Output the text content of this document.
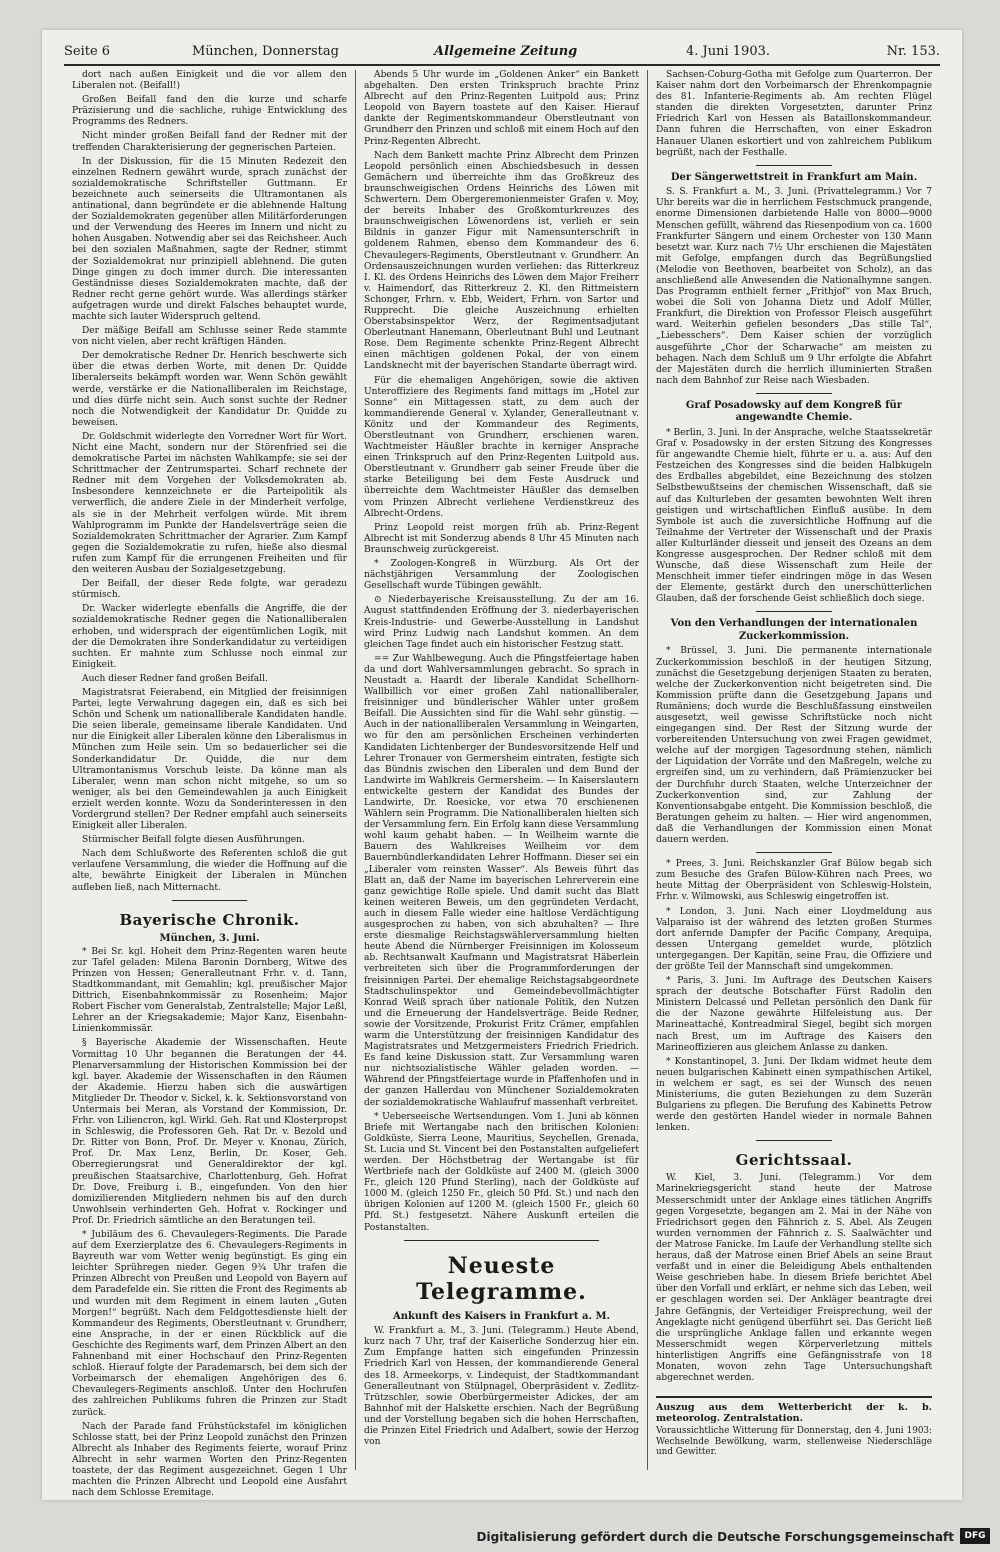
Seite 6	München, Donnerstag	Allgemeine Zeitung	4. Juni 1903.	Nr. 153.

dort nach außen Einigkeit und die vor allem den Liberalen not. (Beifall!)

Großen Beifall fand den die kurze und scharfe Präzisierung und die sachliche, ruhige Entwicklung des Programms des Redners.

Nicht minder großen Beifall fand der Redner mit der treffenden Charakterisierung der gegnerischen Parteien.

In der Diskussion, für die 15 Minuten Redezeit den einzelnen Rednern gewährt wurde, sprach zunächst der sozialdemokratische Schriftsteller Guttmann. Er bezeichnete auch seinerseits die Ultramontanen als antinational, dann begründete er die ablehnende Haltung der Sozialdemokraten gegenüber allen Militärforderungen und der Verwendung des Heeres im Innern und nicht zu hohen Ausgaben. Notwendig aber sei das Reichsheer. Auch bei den sozialen Maßnahmen, sagte der Redner, stimmt der Sozialdemokrat nur prinzipiell ablehnend. Die guten Dinge gingen zu doch immer durch. Die interessanten Geständnisse dieses Sozialdemokraten machte, daß der Redner recht gerne gehört wurde. Was allerdings stärker aufgetragen wurde und direkt Falsches behauptet wurde, machte sich lauter Widerspruch geltend.

Der mäßige Beifall am Schlusse seiner Rede stammte von nicht vielen, aber recht kräftigen Händen.

Der demokratische Redner Dr. Henrich beschwerte sich über die etwas derben Worte, mit denen Dr. Quidde liberalerseits bekämpft worden war. Wenn Schön gewählt werde, verstärke er die Nationalliberalen im Reichstage, und dies dürfe nicht sein. Auch sonst suchte der Redner noch die Notwendigkeit der Kandidatur Dr. Quidde zu beweisen.

Dr. Goldschmit widerlegte den Vorredner Wort für Wort. Nicht eine Macht, sondern nur der Störenfried sei die demokratische Partei im nächsten Wahlkampfe; sie sei der Schrittmacher der Zentrumspartei. Scharf rechnete der Redner mit dem Vorgehen der Volksdemokraten ab. Insbesondere kennzeichnete er die Parteipolitik als verwerflich, die andere Ziele in der Minderheit verfolge, als sie in der Mehrheit verfolgen würde. Mit ihrem Wahlprogramm im Punkte der Handelsverträge seien die Sozialdemokraten Schrittmacher der Agrarier. Zum Kampf gegen die Sozialdemokratie zu rufen, hieße also diesmal rufen zum Kampf für die errungenen Freiheiten und für den weiteren Ausbau der Sozialgesetzgebung.

Der Beifall, der dieser Rede folgte, war geradezu stürmisch.

Dr. Wacker widerlegte ebenfalls die Angriffe, die der sozialdemokratische Redner gegen die Nationalliberalen erhoben, und widersprach der eigentümlichen Logik, mit der die Demokraten ihre Sonderkandidatur zu verteidigen suchten. Er mahnte zum Schlusse noch einmal zur Einigkeit.

Auch dieser Redner fand großen Beifall.

Magistratsrat Feierabend, ein Mitglied der freisinnigen Partei, legte Verwahrung dagegen ein, daß es sich bei Schön und Schenk um nationalliberale Kandidaten handle. Die seien liberale, gemeinsame liberale Kandidaten. Und nur die Einigkeit aller Liberalen könne den Liberalismus in München zum Heile sein. Um so bedauerlicher sei die Sonderkandidatur Dr. Quidde, die nur dem Ultramontanismus Vorschub leiste. Da könne man als Liberaler, wenn man schon nicht mitgehe, so um so weniger, als bei den Gemeindewahlen ja auch Einigkeit erzielt werden konnte. Wozu da Sonderinteressen in den Vordergrund stellen? Der Redner empfahl auch seinerseits Einigkeit aller Liberalen.

Stürmischer Beifall folgte diesen Ausführungen.

Nach dem Schlußworte des Referenten schloß die gut verlaufene Versammlung, die wieder die Hoffnung auf die alte, bewährte Einigkeit der Liberalen in München aufleben ließ, nach Mitternacht.

Bayerische Chronik.
München, 3. Juni.

* Bei Sr. kgl. Hoheit dem Prinz-Regenten waren heute zur Tafel geladen: Milena Baronin Dornberg, Witwe des Prinzen von Hessen; Generalleutnant Frhr. v. d. Tann, Stadtkommandant, mit Gemahlin; kgl. preußischer Major Dittrich, Eisenbahnkommissär zu Rosenheim; Major Robert Fischer vom Generalstab, Zentralstelle; Major Leßl, Lehrer an der Kriegsakademie; Major Kanz, Eisenbahn-Linienkommissär.

§ Bayerische Akademie der Wissenschaften. Heute Vormittag 10 Uhr begannen die Beratungen der 44. Plenarversammlung der Historischen Kommission bei der kgl. bayer. Akademie der Wissenschaften in den Räumen der Akademie. Hierzu haben sich die auswärtigen Mitglieder Dr. Theodor v. Sickel, k. k. Sektionsvorstand von Untermais bei Meran, als Vorstand der Kommission, Dr. Frhr. von Liliencron, kgl. Wirkl. Geh. Rat und Klosterpropst in Schleswig, die Professoren Geh. Rat Dr. v. Bezold und Dr. Ritter von Bonn, Prof. Dr. Meyer v. Knonau, Zürich, Prof. Dr. Max Lenz, Berlin, Dr. Koser, Geh. Oberregierungsrat und Generaldirektor der kgl. preußischen Staatsarchive, Charlottenburg, Geh. Hofrat Dr. Dove, Freiburg i. B., eingefunden. Von den hier domizilierenden Mitgliedern nehmen bis auf den durch Unwohlsein verhinderten Geh. Hofrat v. Rockinger und Prof. Dr. Friedrich sämtliche an den Beratungen teil.

* Jubiläum des 6. Chevaulegers-Regiments. Die Parade auf dem Exerzierplatze des 6. Chevaulegers-Regiments in Bayreuth war vom Wetter wenig begünstigt. Es ging ein leichter Sprühregen nieder. Gegen 9¾ Uhr trafen die Prinzen Albrecht von Preußen und Leopold von Bayern auf dem Paradefelde ein. Sie ritten die Front des Regiments ab und wurden mit dem Regiment in einem lauten „Guten Morgen!“ begrüßt. Nach dem Feldgottesdienste hielt der Kommandeur des Regiments, Oberstleutnant v. Grundherr, eine Ansprache, in der er einen Rückblick auf die Geschichte des Regiments warf, dem Prinzen Albert an den Fahnenband mit einer Hochschauf den Prinz-Regenten schloß. Hierauf folgte der Parademarsch, bei dem sich der Vorbeimarsch der ehemaligen Angehörigen des 6. Chevaulegers-Regiments anschloß. Unter den Hochrufen des zahlreichen Publikums fuhren die Prinzen zur Stadt zurück.

Nach der Parade fand Frühstückstafel im königlichen Schlosse statt, bei der Prinz Leopold zunächst den Prinzen Albrecht als Inhaber des Regiments feierte, worauf Prinz Albrecht in sehr warmen Worten den Prinz-Regenten toastete, der das Regiment ausgezeichnet. Gegen 1 Uhr machten die Prinzen Albrecht und Leopold eine Ausfahrt nach dem Schlosse Eremitage.

Abends 5 Uhr wurde im „Goldenen Anker“ ein Bankett abgehalten. Den ersten Trinkspruch brachte Prinz Albrecht auf den Prinz-Regenten Luitpold aus; Prinz Leopold von Bayern toastete auf den Kaiser. Hierauf dankte der Regimentskommandeur Oberstleutnant von Grundherr den Prinzen und schloß mit einem Hoch auf den Prinz-Regenten Albrecht.

Nach dem Bankett machte Prinz Albrecht dem Prinzen Leopold persönlich einen Abschiedsbesuch in dessen Gemächern und überreichte ihm das Großkreuz des braunschweigischen Ordens Heinrichs des Löwen mit Schwertern. Dem Obergeremonienmeister Grafen v. Moy, der bereits Inhaber des Großkomturkreuzes des braunschweigischen Löwenordens ist, verlieh er sein Bildnis in ganzer Figur mit Namensunterschrift in goldenem Rahmen, ebenso dem Kommandeur des 6. Chevaulegers-Regiments, Oberstleutnant v. Grundherr. An Ordensauszeichnungen wurden verliehen: das Ritterkreuz I. Kl. des Ordens Heinrichs des Löwen dem Major Freiherr v. Haimendorf, das Ritterkreuz 2. Kl. den Rittmeistern Schonger, Frhrn. v. Ebb, Weidert, Frhrn. von Sartor und Rupprecht. Die gleiche Auszeichnung erhielten Oberstabsinspektor Werz, der Regimentsadjutant Oberleutnant Hanemann, Oberleutnant Buhl und Leutnant Rose. Dem Regimente schenkte Prinz-Regent Albrecht einen mächtigen goldenen Pokal, der von einem Landsknecht mit der bayerischen Standarte überragt wird.

Für die ehemaligen Angehörigen, sowie die aktiven Unteroffiziere des Regiments fand mittags im „Hotel zur Sonne“ ein Mittagessen statt, zu dem auch der kommandierende General v. Xylander, Generalleutnant v. Könitz und der Kommandeur des Regiments, Oberstleutnant von Grundherr, erschienen waren. Wachtmeister Häußler brachte in kerniger Ansprache einen Trinkspruch auf den Prinz-Regenten Luitpold aus. Oberstleutnant v. Grundherr gab seiner Freude über die starke Beteiligung bei dem Feste Ausdruck und überreichte dem Wachtmeister Häußler das demselben vom Prinzen Albrecht verliehene Verdienstkreuz des Albrecht-Ordens.

Prinz Leopold reist morgen früh ab. Prinz-Regent Albrecht ist mit Sonderzug abends 8 Uhr 45 Minuten nach Braunschweig zurückgereist.

* Zoologen-Kongreß in Würzburg. Als Ort der nächstjährigen Versammlung der Zoologischen Gesellschaft wurde Tübingen gewählt.

⊙ Niederbayerische Kreisausstellung. Zu der am 16. August stattfindenden Eröffnung der 3. niederbayerischen Kreis-Industrie- und Gewerbe-Ausstellung in Landshut wird Prinz Ludwig nach Landshut kommen. An dem gleichen Tage findet auch ein historischer Festzug statt.

== Zur Wahlbewegung. Auch die Pfingstfeiertage haben da und dort Wahlversammlungen gebracht. So sprach in Neustadt a. Haardt der liberale Kandidat Schellhorn-Wallbillich vor einer großen Zahl nationalliberaler, freisinniger und bündlerischer Wähler unter großem Beifall. Die Aussichten sind für die Wahl sehr günstig. — Auch in der nationalliberalen Versammlung in Weingarten, wo für den am persönlichen Erscheinen verhinderten Kandidaten Lichtenberger der Bundesvorsitzende Helf und Lehrer Tronauer von Germersheim eintraten, festigte sich das Bündnis zwischen den Liberalen und dem Bund der Landwirte im Wahlkreis Germersheim. — In Kaiserslautern entwickelte gestern der Kandidat des Bundes der Landwirte, Dr. Roesicke, vor etwa 70 erschienenen Wählern sein Programm. Die Nationalliberalen hielten sich der Versammlung fern. Ein Erfolg kann diese Versammlung wohl kaum gehabt haben. — In Weilheim warnte die Bauern des Wahlkreises Weilheim vor dem Bauernbündlerkandidaten Lehrer Hoffmann. Dieser sei ein „Liberaler vom reinsten Wasser“. Als Beweis führt das Blatt an, daß der Name im bayerischen Lehrerverein eine ganz gewichtige Rolle spiele. Und damit sucht das Blatt keinen weiteren Beweis, um den gegründeten Verdacht, auch in diesem Falle wieder eine haltlose Verdächtigung ausgesprochen zu haben, von sich abzuhalten? — Ihre erste diesmalige Reichstagswählerversammlung hielten heute Abend die Nürnberger Freisinnigen im Kolosseum ab. Rechtsanwalt Kaufmann und Magistratsrat Häberlein verbreiteten sich über die Programmforderungen der freisinnigen Partei. Der ehemalige Reichstagsabgeordnete Stadtschulinspektor und Gemeindebevollmächtigter Konrad Weiß sprach über nationale Politik, den Nutzen und die Erneuerung der Handelsverträge. Beide Redner, sowie der Vorsitzende, Prokurist Fritz Crämer, empfahlen warm die Unterstützung der freisinnigen Kandidatur des Magistratsrates und Metzgermeisters Friedrich Friedrich. Es fand keine Diskussion statt. Zur Versammlung waren nur nichtsozialistische Wähler geladen worden. — Während der Pfingstfeiertage wurde in Pfaffenhofen und in der ganzen Hallerdau von Münchener Sozialdemokraten der sozialdemokratische Wahlaufruf massenhaft verbreitet.

* Ueberseeische Wertsendungen. Vom 1. Juni ab können Briefe mit Wertangabe nach den britischen Kolonien: Goldküste, Sierra Leone, Mauritius, Seychellen, Grenada, St. Lucia und St. Vincent bei den Postanstalten aufgeliefert werden. Der Höchstbetrag der Wertangabe ist für Wertbriefe nach der Goldküste auf 2400 M. (gleich 3000 Fr., gleich 120 Pfund Sterling), nach der Goldküste auf 1000 M. (gleich 1250 Fr., gleich 50 Pfd. St.) und nach den übrigen Kolonien auf 1200 M. (gleich 1500 Fr., gleich 60 Pfd. St.) festgesetzt. Nähere Auskunft erteilen die Postanstalten.

Neueste Telegramme.
Ankunft des Kaisers in Frankfurt a. M.

W. Frankfurt a. M., 3. Juni. (Telegramm.) Heute Abend, kurz nach 7 Uhr, traf der Kaiserliche Sonderzug hier ein. Zum Empfange hatten sich eingefunden Prinzessin Friedrich Karl von Hessen, der kommandierende General des 18. Armeekorps, v. Lindequist, der Stadtkommandant Generalleutnant von Stülpnagel, Oberpräsident v. Zedlitz-Trützschler, sowie Oberbürgermeister Adickes, der am Bahnhof mit der Halskette erschien. Nach der Begrüßung und der Vorstellung begaben sich die hohen Herrschaften, die Prinzen Eitel Friedrich und Adalbert, sowie der Herzog von

Sachsen-Coburg-Gotha mit Gefolge zum Quarterron. Der Kaiser nahm dort den Vorbeimarsch der Ehrenkompagnie des 81. Infanterie-Regiments ab. Am rechten Flügel standen die direkten Vorgesetzten, darunter Prinz Friedrich Karl von Hessen als Bataillonskommandeur. Dann fuhren die Herrschaften, von einer Eskadron Hanauer Ulanen eskortiert und von zahlreichem Publikum begrüßt, nach der Festhalle.

Der Sängerwettstreit in Frankfurt am Main.

S. S. Frankfurt a. M., 3. Juni. (Privattelegramm.) Vor 7 Uhr bereits war die in herrlichem Festschmuck prangende, enorme Dimensionen darbietende Halle von 8000—9000 Menschen gefüllt, während das Riesenpodium von ca. 1600 Frankfurter Sängern und einem Orchester von 130 Mann besetzt war. Kurz nach 7½ Uhr erschienen die Majestäten mit Gefolge, empfangen durch das Begrüßungslied (Melodie von Beethoven, bearbeitet von Scholz), an das anschließend alle Anwesenden die Nationalhymne sangen. Das Programm enthielt ferner „Frithjof“ von Max Bruch, wobei die Soli von Johanna Dietz und Adolf Müller, Frankfurt, die Direktion von Professor Fleisch ausgeführt ward. Weiterhin gefielen besonders „Das stille Tal“, „Liebesschers“. Dem Kaiser schien der vorzüglich ausgeführte „Chor der Scharwache“ am meisten zu behagen. Nach dem Schluß um 9 Uhr erfolgte die Abfahrt der Majestäten durch die herrlich illuminierten Straßen nach dem Bahnhof zur Reise nach Wiesbaden.

Graf Posadowsky auf dem Kongreß für angewandte Chemie.

* Berlin, 3. Juni. In der Ansprache, welche Staatssekretär Graf v. Posadowsky in der ersten Sitzung des Kongresses für angewandte Chemie hielt, führte er u. a. aus: Auf den Festzeichen des Kongresses sind die beiden Halbkugeln des Erdballes abgebildet, eine Bezeichnung des stolzen Selbstbewußtseins der chemischen Wissenschaft, daß sie auf das Kulturleben der gesamten bewohnten Welt ihren geistigen und wirtschaftlichen Einfluß ausübe. In dem Symbole ist auch die zuversichtliche Hoffnung auf die Teilnahme der Vertreter der Wissenschaft und der Praxis aller Kulturländer diesseit und jenseit des Ozeans an dem Kongresse ausgesprochen. Der Redner schloß mit dem Wunsche, daß diese Wissenschaft zum Heile der Menschheit immer tiefer eindringen möge in das Wesen der Elemente, gestärkt durch den unerschütterlichen Glauben, daß der forschende Geist schließlich doch siege.

Von den Verhandlungen der internationalen Zuckerkommission.

* Brüssel, 3. Juni. Die permanente internationale Zuckerkommission beschloß in der heutigen Sitzung, zunächst die Gesetzgebung derjenigen Staaten zu beraten, welche der Zuckerkonvention nicht beigetreten sind. Die Kommission prüfte dann die Gesetzgebung Japans und Rumäniens; doch wurde die Beschlußfassung einstweilen ausgesetzt, weil gewisse Schriftstücke noch nicht eingegangen sind. Der Rest der Sitzung wurde der vorbereitenden Untersuchung von zwei Fragen gewidmet, welche auf der morgigen Tagesordnung stehen, nämlich der Liquidation der Vorräte und den Maßregeln, welche zu ergreifen sind, um zu verhindern, daß Prämienzucker bei der Durchfuhr durch Staaten, welche Unterzeichner der Zuckerkonvention sind, zur Zahlung der Konventionsabgabe entgeht. Die Kommission beschloß, die Beratungen geheim zu halten. — Hier wird angenommen, daß die Verhandlungen der Kommission einen Monat dauern werden.

* Prees, 3. Juni. Reichskanzler Graf Bülow begab sich zum Besuche des Grafen Bülow-Kühren nach Prees, wo heute Mittag der Oberpräsident von Schleswig-Holstein, Frhr. v. Wilmowski, aus Schleswig eingetroffen ist.

* London, 3. Juni. Nach einer Lloydmeldung aus Valparaiso ist der während des letzten großen Sturmes dort anfernde Dampfer der Pacific Company, Arequipa, dessen Untergang gemeldet wurde, plötzlich untergegangen. Der Kapitän, seine Frau, die Offiziere und der größte Teil der Mannschaft sind umgekommen.

* Paris, 3. Juni. Im Auftrage des Deutschen Kaisers sprach der deutsche Botschafter Fürst Radolin den Ministern Delcassé und Pelletan persönlich den Dank für die der Nazone gewährte Hilfeleistung aus. Der Marineattaché, Kontreadmiral Siegel, begibt sich morgen nach Brest, um im Auftrage des Kaisers den Marineoffizieren aus gleichem Anlasse zu danken.

* Konstantinopel, 3. Juni. Der Ikdam widmet heute dem neuen bulgarischen Kabinett einen sympathischen Artikel, in welchem er sagt, es sei der Wunsch des neuen Ministeriums, die guten Beziehungen zu dem Suzerän Bulgariens zu pflegen. Die Berufung des Kabinetts Petrow werde den gestörten Handel wieder in normale Bahnen lenken.

Gerichtssaal.

W. Kiel, 3. Juni. (Telegramm.) Vor dem Marinekriegsgericht stand heute der Matrose Messerschmidt unter der Anklage eines tätlichen Angriffs gegen Vorgesetzte, begangen am 2. Mai in der Nähe von Friedrichsort gegen den Fähnrich z. S. Abel. Als Zeugen wurden vernommen der Fähnrich z. S. Saalwächter und der Matrose Fanicke. Im Laufe der Verhandlung stellte sich heraus, daß der Matrose einen Brief Abels an seine Braut verfaßt und in einer die Beleidigung Abels enthaltenden Weise geschrieben habe. In diesem Briefe berichtet Abel über den Vorfall und erklärt, er nehme sich das Leben, weil er geschlagen worden sei. Der Ankläger beantragte drei Jahre Gefängnis, der Verteidiger Freisprechung, weil der Angeklagte nicht genügend überführt sei. Das Gericht ließ die ursprüngliche Anklage fallen und erkannte wegen Messerschmidt wegen Körperverletzung mittels hinterlistigen Angriffs eine Gefängnisstrafe von 18 Monaten, wovon zehn Tage Untersuchungshaft abgerechnet werden.

Auszug aus dem Wetterbericht der k. b. meteorolog. Zentralstation.

Voraussichtliche Witterung für Donnerstag, den 4. Juni 1903: Wechselnde Bewölkung, warm, stellenweise Niederschläge und Gewitter.

Digitalisierung gefördert durch die Deutsche Forschungsgemeinschaft	DFG
